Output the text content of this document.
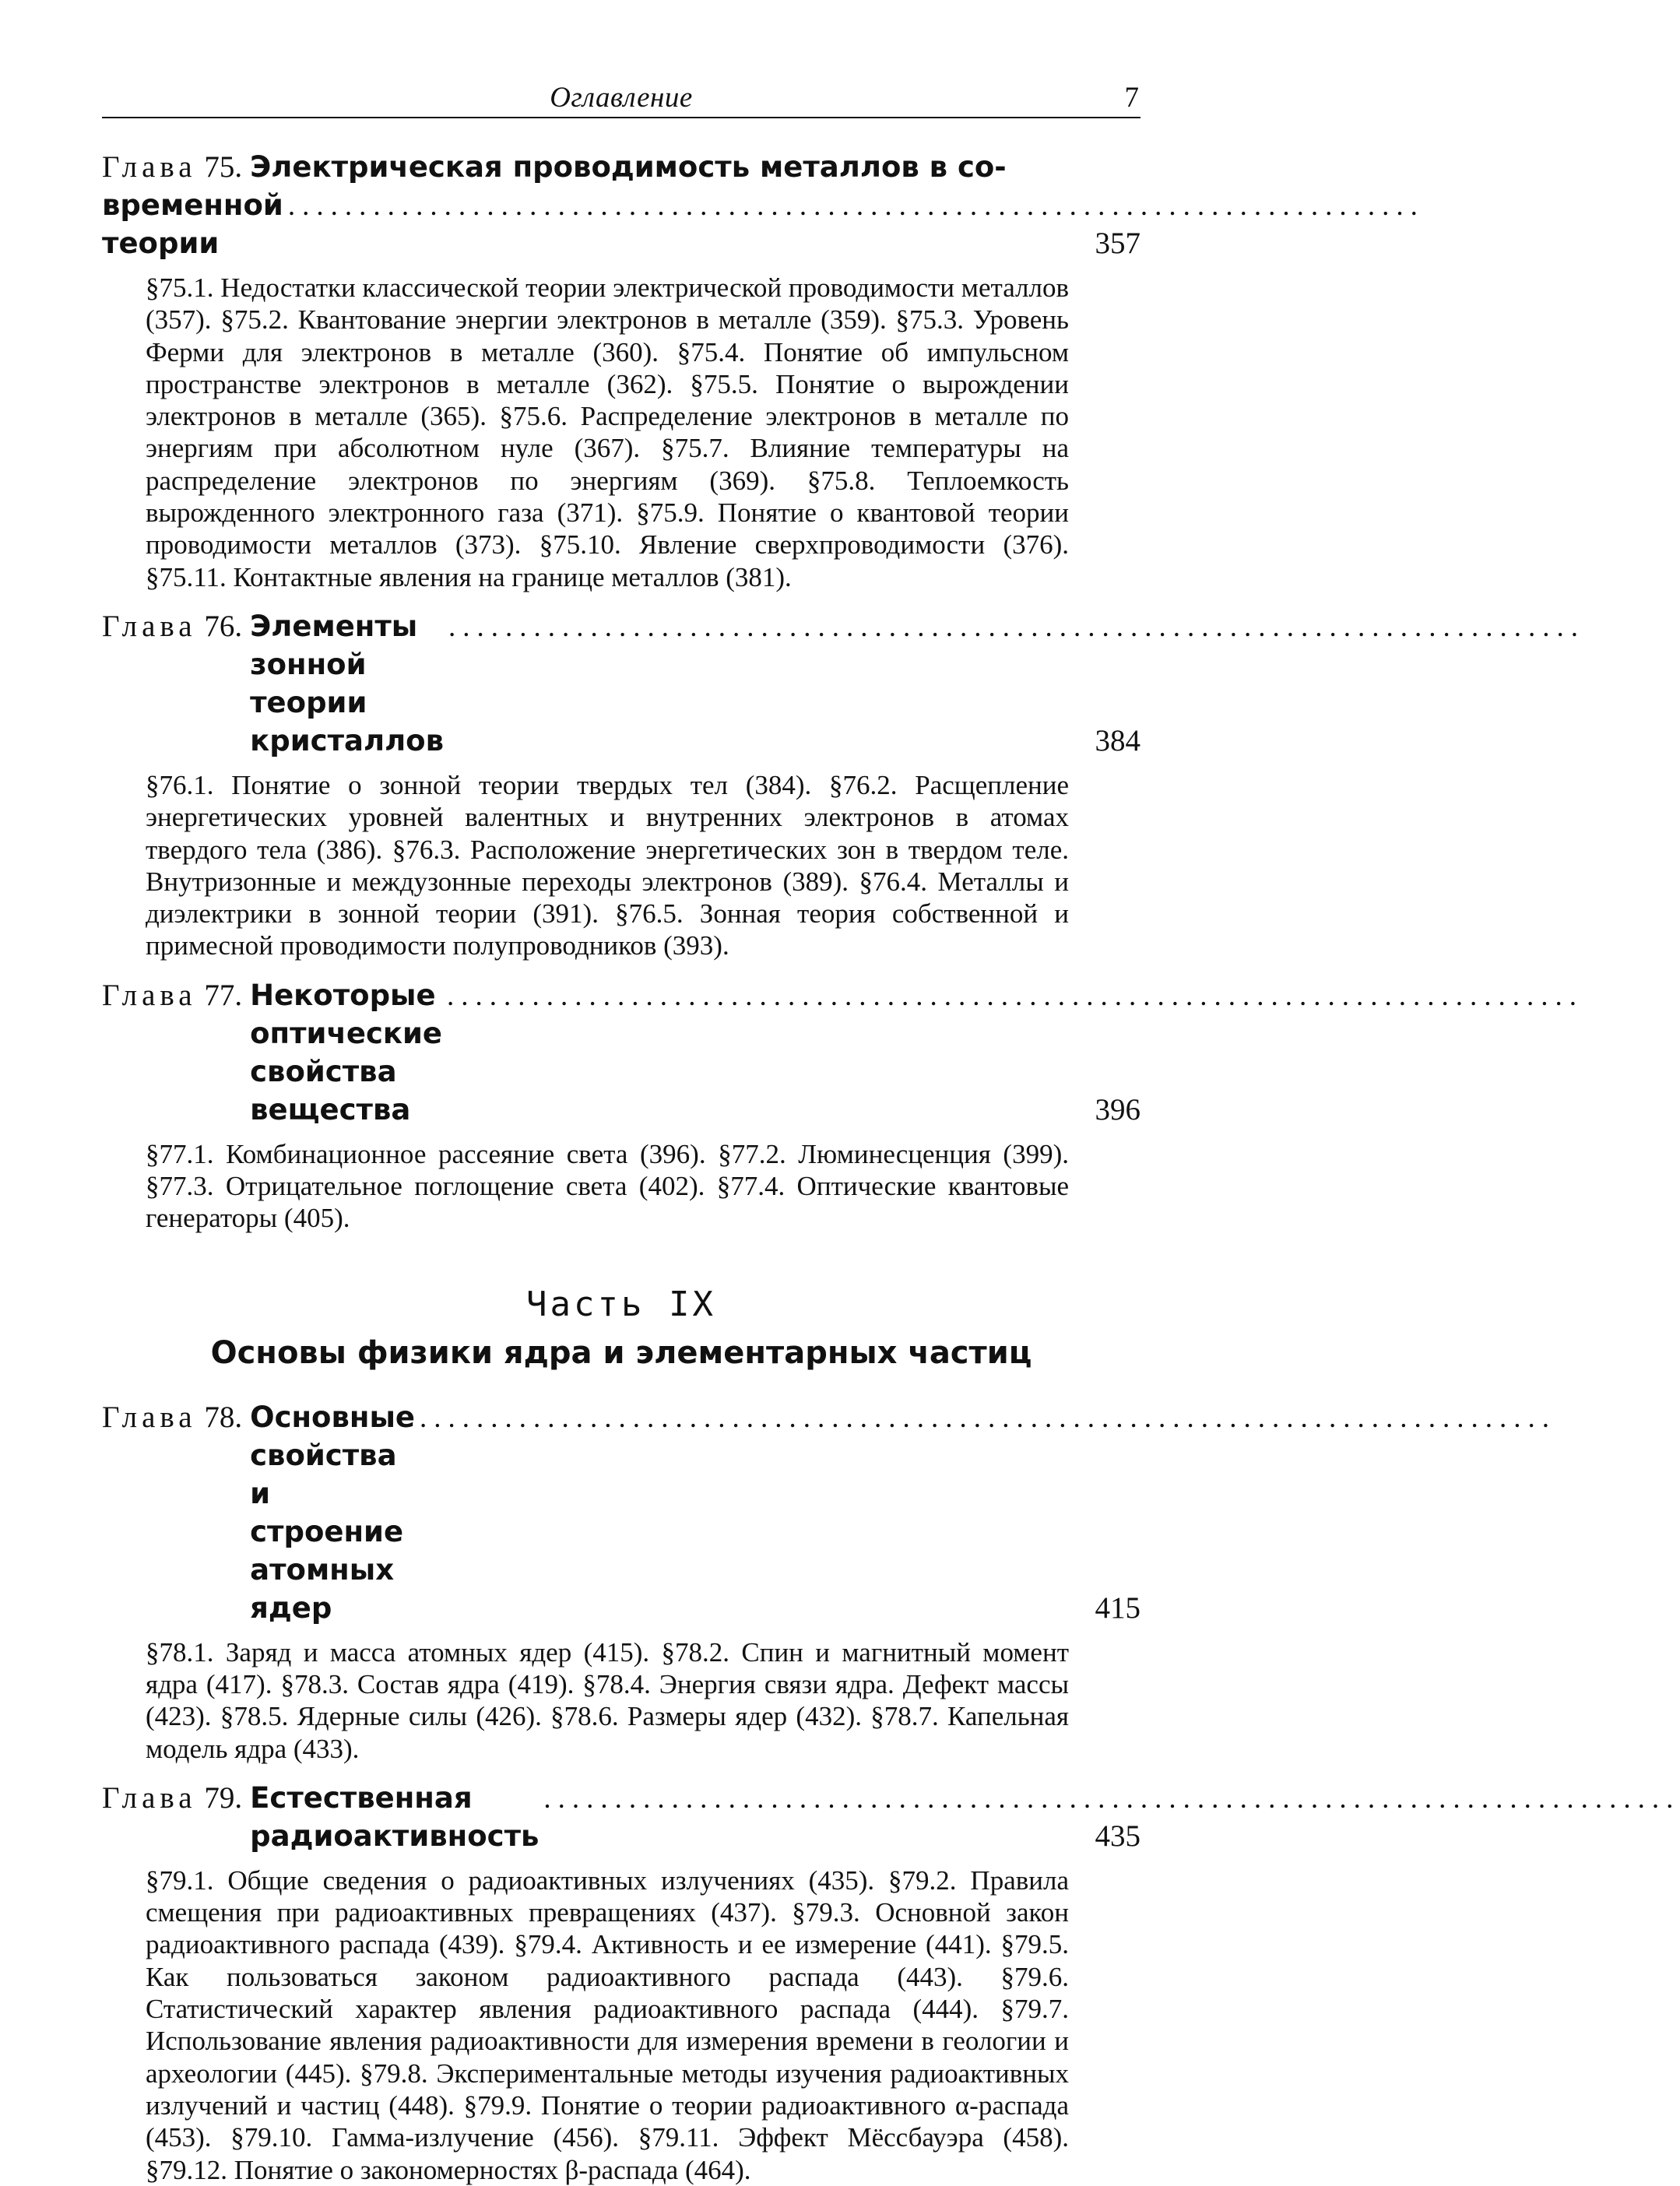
Оглавление	7
Глава
75. Электрическая проводимость металлов в со-
временной теории
................................................................................
357
§75.1. Недостатки классической теории электрической проводимости металлов (357). §75.2. Квантование энергии электронов в металле (359). §75.3. Уровень Ферми для электронов в металле (360). §75.4. Понятие об импульсном пространстве электронов в металле (362). §75.5. Понятие о вырождении электронов в металле (365). §75.6. Распределение электронов в металле по энергиям при абсолютном нуле (367). §75.7. Влияние температуры на распределение электронов по энергиям (369). §75.8. Теплоемкость вырожденного электронного газа (371). §75.9. Понятие о квантовой теории проводимости металлов (373). §75.10. Явление сверхпроводимости (376). §75.11. Контактные явления на границе металлов (381).
Глава
76. Элементы зонной теории кристаллов
................................................................................
384
§76.1. Понятие о зонной теории твердых тел (384). §76.2. Расщепление энергетических уровней валентных и внутренних электронов в атомах твердого тела (386). §76.3. Расположение энергетических зон в твердом теле. Внутризонные и междузонные переходы электронов (389). §76.4. Металлы и диэлектрики в зонной теории (391). §76.5. Зонная теория собственной и примесной проводимости полупроводников (393).
Глава
77. Некоторые оптические свойства вещества
................................................................................
396
§77.1. Комбинационное рассеяние света (396). §77.2. Люминесценция (399). §77.3. Отрицательное поглощение света (402). §77.4. Оптические квантовые генераторы (405).
Часть IX
Основы физики ядра и элементарных частиц
Глава
78. Основные свойства и строение атомных ядер
................................................................................
415
§78.1. Заряд и масса атомных ядер (415). §78.2. Спин и магнитный момент ядра (417). §78.3. Состав ядра (419). §78.4. Энергия связи ядра. Дефект массы (423). §78.5. Ядерные силы (426). §78.6. Размеры ядер (432). §78.7. Капельная модель ядра (433).
Глава
79. Естественная радиоактивность
................................................................................
435
§79.1. Общие сведения о радиоактивных излучениях (435). §79.2. Правила смещения при радиоактивных превращениях (437). §79.3. Основной закон радиоактивного распада (439). §79.4. Активность и ее измерение (441). §79.5. Как пользоваться законом радиоактивного распада (443). §79.6. Статистический характер явления радиоактивного распада (444). §79.7. Использование явления радиоактивности для измерения времени в геологии и археологии (445). §79.8. Экспериментальные методы изучения радиоактивных излучений и частиц (448). §79.9. Понятие о теории радиоактивного α-распада (453). §79.10. Гамма-излучение (456). §79.11. Эффект Мёссбауэра (458). §79.12. Понятие о закономерностях β-распада (464).
